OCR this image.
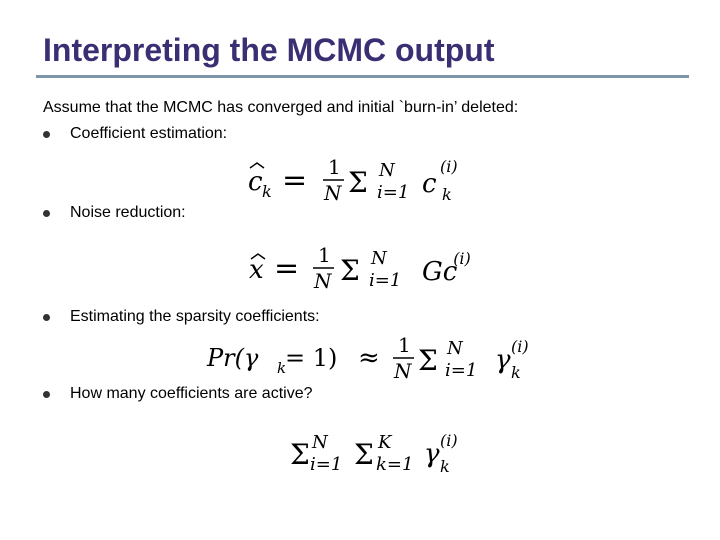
Interpreting the MCMC output
Assume that the MCMC has converged and initial `burn-in’ deleted:
Coefficient estimation:
c k = 1
N Σ N
i=1 c
(i)
k
Noise reduction:
x = 1
N Σ N
i=1 Gc
(i)
Estimating the sparsity coefficients:
Pr(γ k
= 1) ≈ 1
N Σ N
i=1 γ (i)
k
How many coefficients are active?
Σ N
i=1 Σ K
k=1 γ (i)
k
